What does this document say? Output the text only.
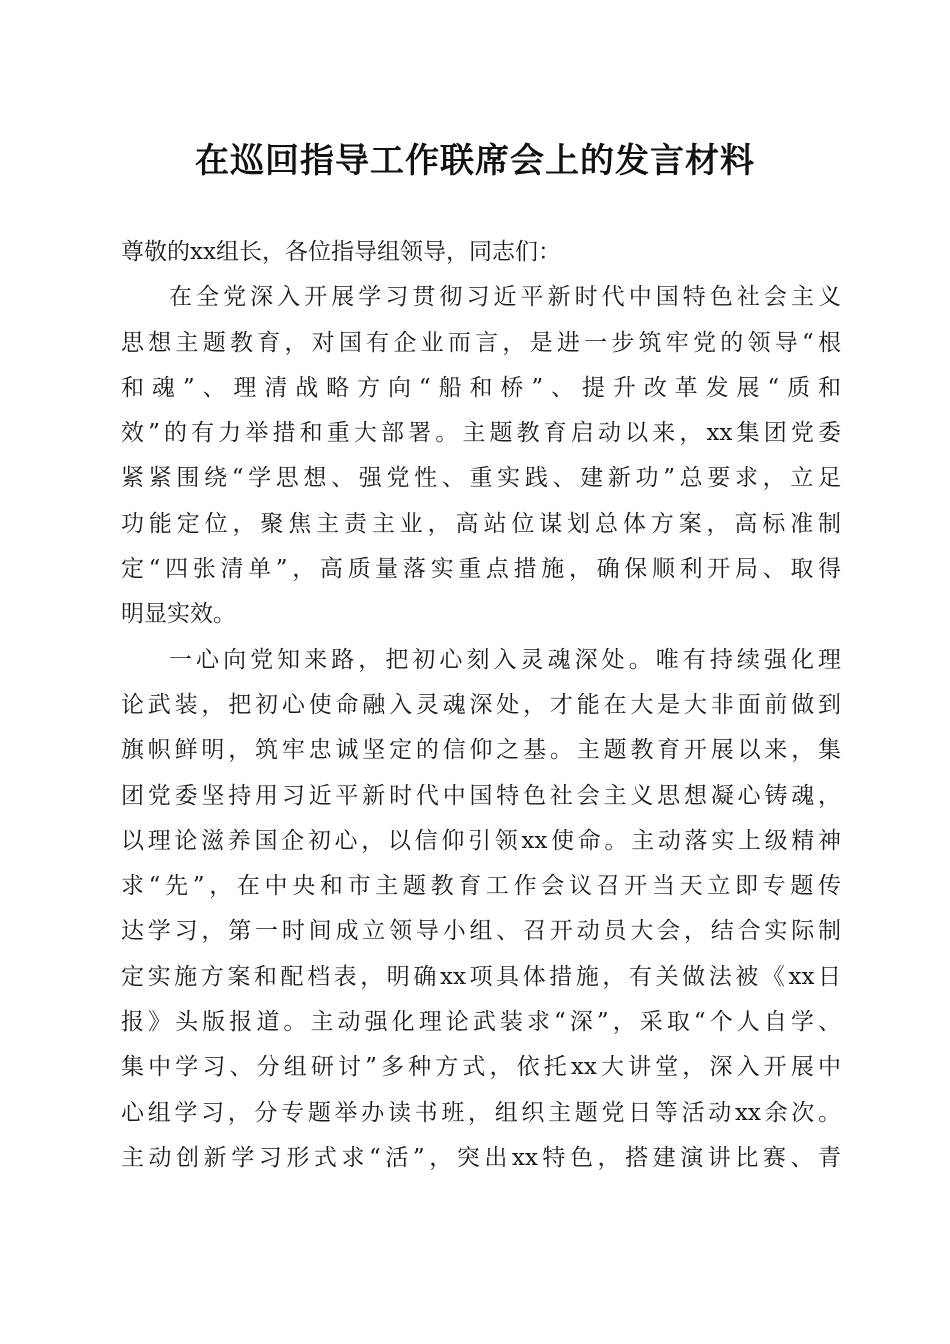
在巡回指导工作联席会上的发言材料
尊敬的xx组长，各位指导组领导，同志们：
在全党深入开展学习贯彻习近平新时代中国特色社会主义
思想主题教育，对国有企业而言，是进一步筑牢党的领导“根
和魂”、理清战略方向“船和桥”、提升改革发展“质和
效”的有力举措和重大部署。主题教育启动以来，xx集团党委
紧紧围绕“学思想、强党性、重实践、建新功”总要求，立足
功能定位，聚焦主责主业，高站位谋划总体方案，高标准制
定“四张清单”，高质量落实重点措施，确保顺利开局、取得
明显实效。
一心向党知来路，把初心刻入灵魂深处。唯有持续强化理
论武装，把初心使命融入灵魂深处，才能在大是大非面前做到
旗帜鲜明，筑牢忠诚坚定的信仰之基。主题教育开展以来，集
团党委坚持用习近平新时代中国特色社会主义思想凝心铸魂，
以理论滋养国企初心，以信仰引领xx使命。主动落实上级精神
求“先”，在中央和市主题教育工作会议召开当天立即专题传
达学习，第一时间成立领导小组、召开动员大会，结合实际制
定实施方案和配档表，明确xx项具体措施，有关做法被《xx日
报》头版报道。主动强化理论武装求“深”，采取“个人自学、
集中学习、分组研讨”多种方式，依托xx大讲堂，深入开展中
心组学习，分专题举办读书班，组织主题党日等活动xx余次。
主动创新学习形式求“活”，突出xx特色，搭建演讲比赛、青
